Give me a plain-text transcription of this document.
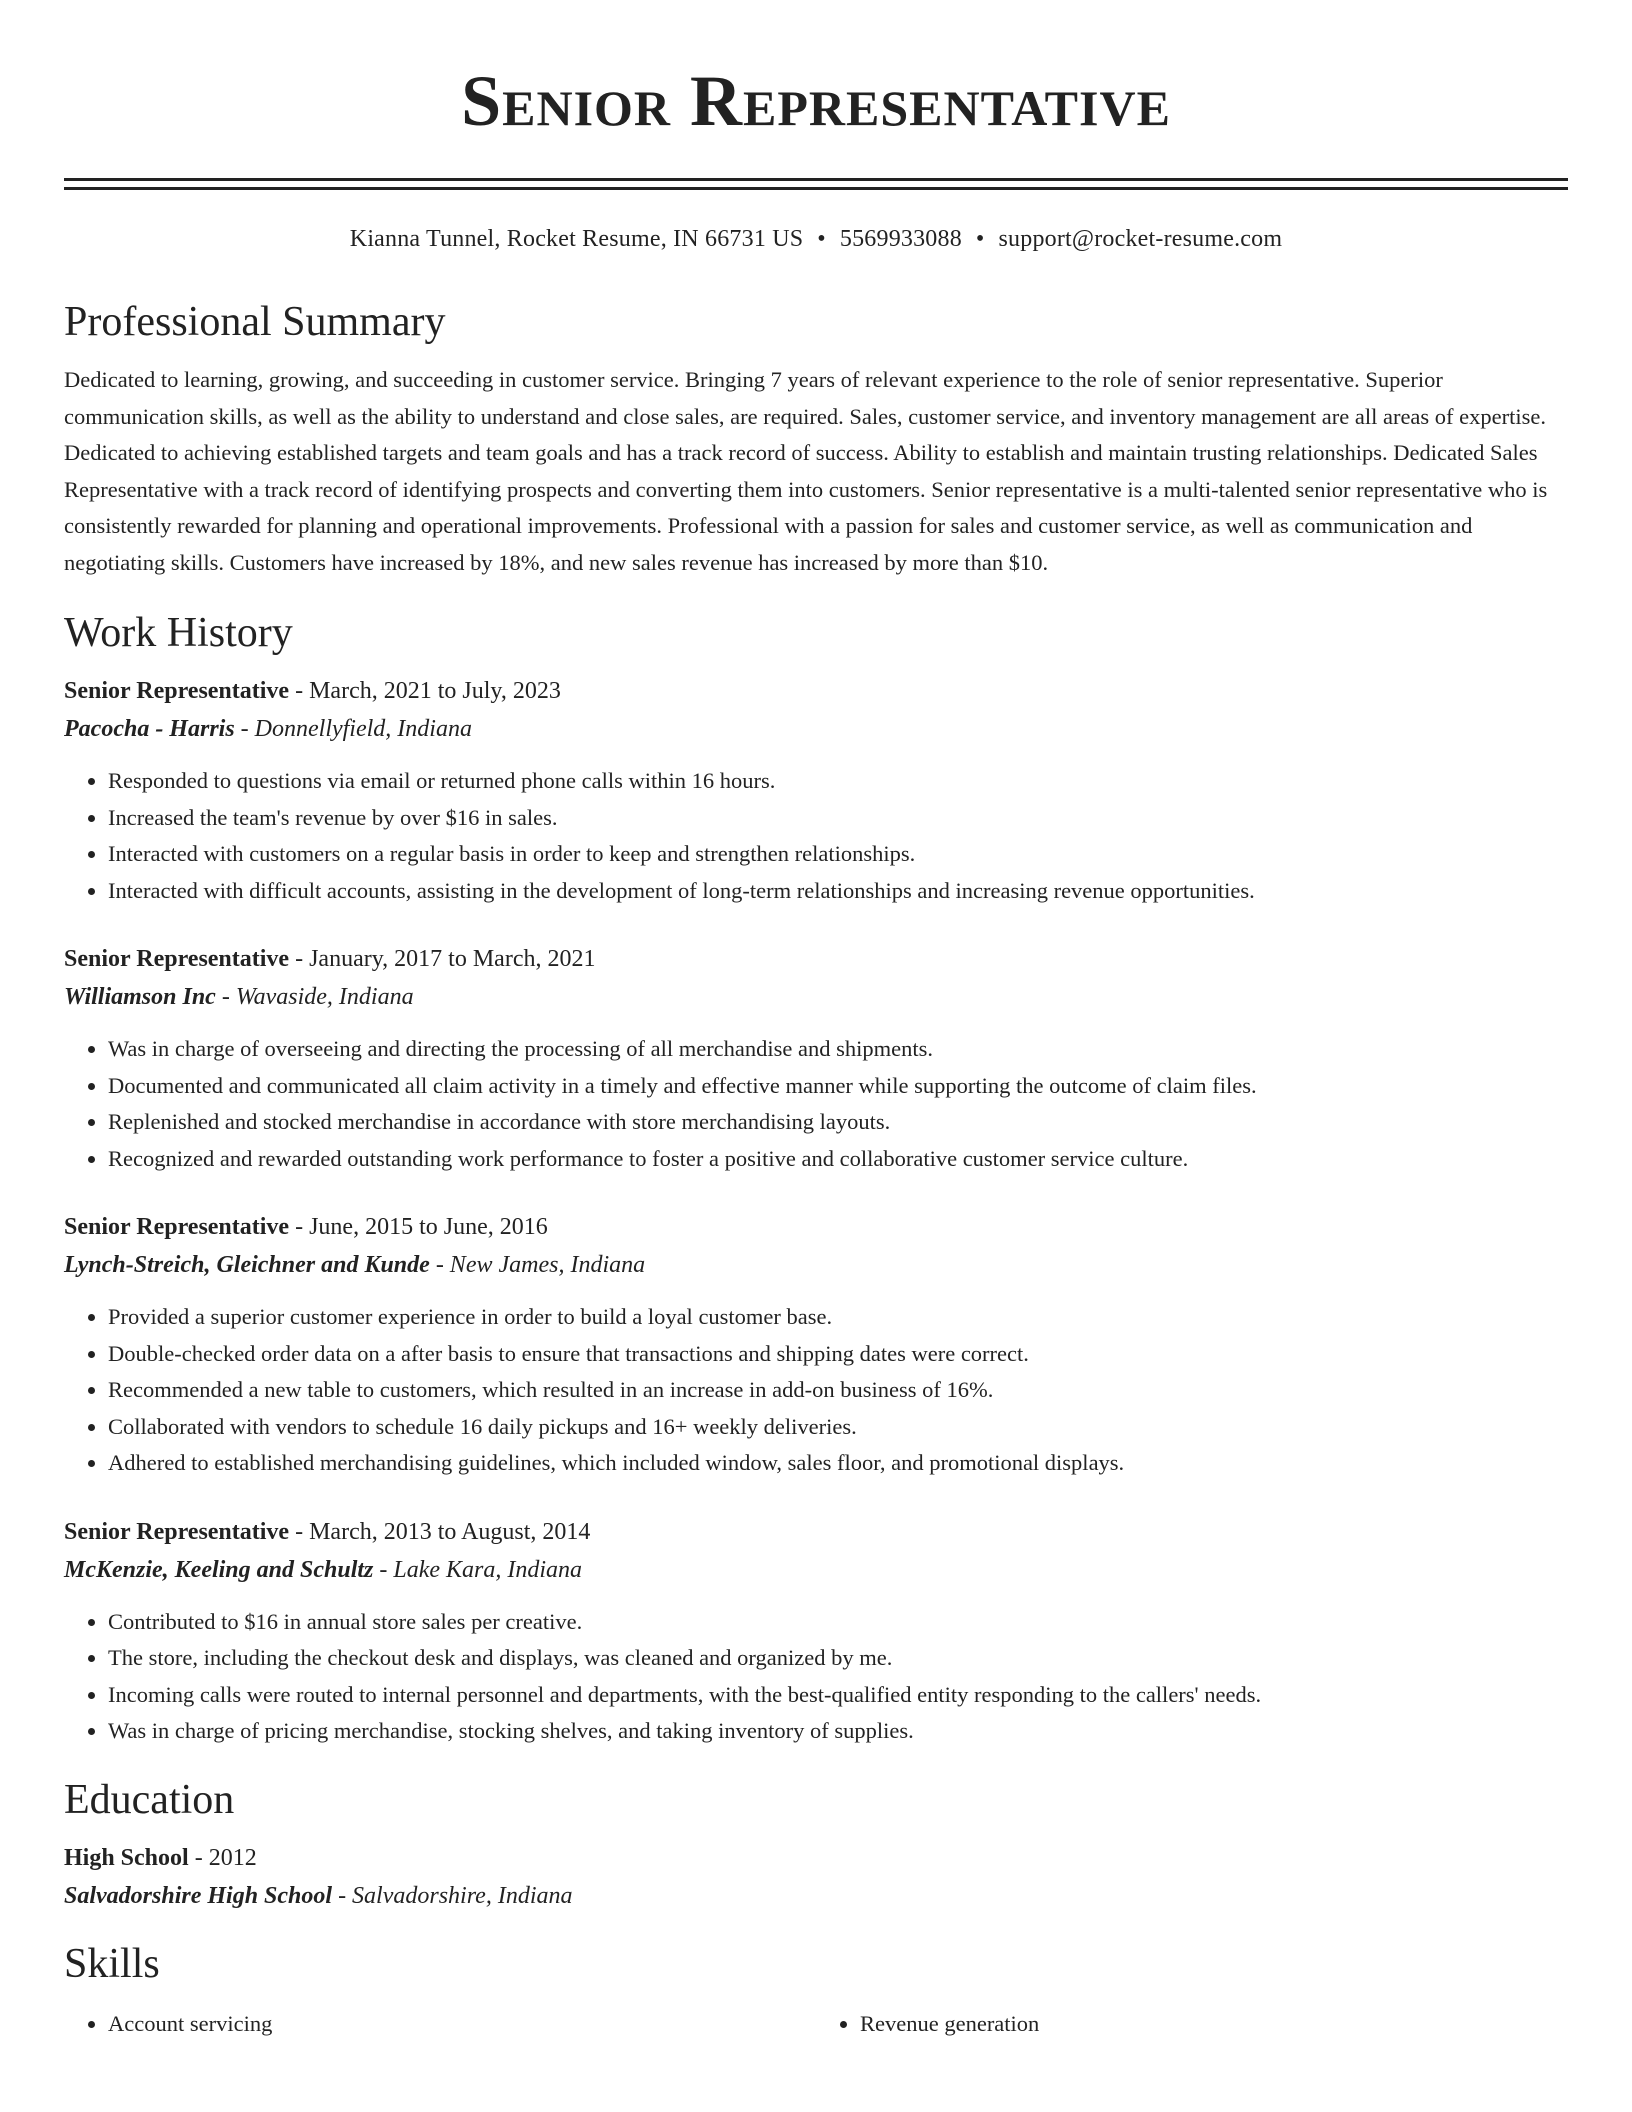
Senior Representative
Kianna Tunnel, Rocket Resume, IN 66731 US • 5569933088 • support@rocket-resume.com
Professional Summary

Dedicated to learning, growing, and succeeding in customer service. Bringing 7 years of relevant experience to the role of senior representative. Superior communication skills, as well as the ability to understand and close sales, are required. Sales, customer service, and inventory management are all areas of expertise. Dedicated to achieving established targets and team goals and has a track record of success. Ability to establish and maintain trusting relationships. Dedicated Sales Representative with a track record of identifying prospects and converting them into customers. Senior representative is a multi-talented senior representative who is consistently rewarded for planning and operational improvements. Professional with a passion for sales and customer service, as well as communication and negotiating skills. Customers have increased by 18%, and new sales revenue has increased by more than $10.

Work History
Senior Representative - March, 2021 to July, 2023
Pacocha - Harris - Donnellyfield, Indiana
• Responded to questions via email or returned phone calls within 16 hours.
• Increased the team's revenue by over $16 in sales.
• Interacted with customers on a regular basis in order to keep and strengthen relationships.
• Interacted with difficult accounts, assisting in the development of long-term relationships and increasing revenue opportunities.
Senior Representative - January, 2017 to March, 2021
Williamson Inc - Wavaside, Indiana
• Was in charge of overseeing and directing the processing of all merchandise and shipments.
• Documented and communicated all claim activity in a timely and effective manner while supporting the outcome of claim files.
• Replenished and stocked merchandise in accordance with store merchandising layouts.
• Recognized and rewarded outstanding work performance to foster a positive and collaborative customer service culture.
Senior Representative - June, 2015 to June, 2016
Lynch-Streich, Gleichner and Kunde - New James, Indiana
• Provided a superior customer experience in order to build a loyal customer base.
• Double-checked order data on a after basis to ensure that transactions and shipping dates were correct.
• Recommended a new table to customers, which resulted in an increase in add-on business of 16%.
• Collaborated with vendors to schedule 16 daily pickups and 16+ weekly deliveries.
• Adhered to established merchandising guidelines, which included window, sales floor, and promotional displays.
Senior Representative - March, 2013 to August, 2014
McKenzie, Keeling and Schultz - Lake Kara, Indiana
• Contributed to $16 in annual store sales per creative.
• The store, including the checkout desk and displays, was cleaned and organized by me.
• Incoming calls were routed to internal personnel and departments, with the best-qualified entity responding to the callers' needs.
• Was in charge of pricing merchandise, stocking shelves, and taking inventory of supplies.
Education
High School - 2012
Salvadorshire High School - Salvadorshire, Indiana
Skills
• Account servicing
•	Revenue generation
